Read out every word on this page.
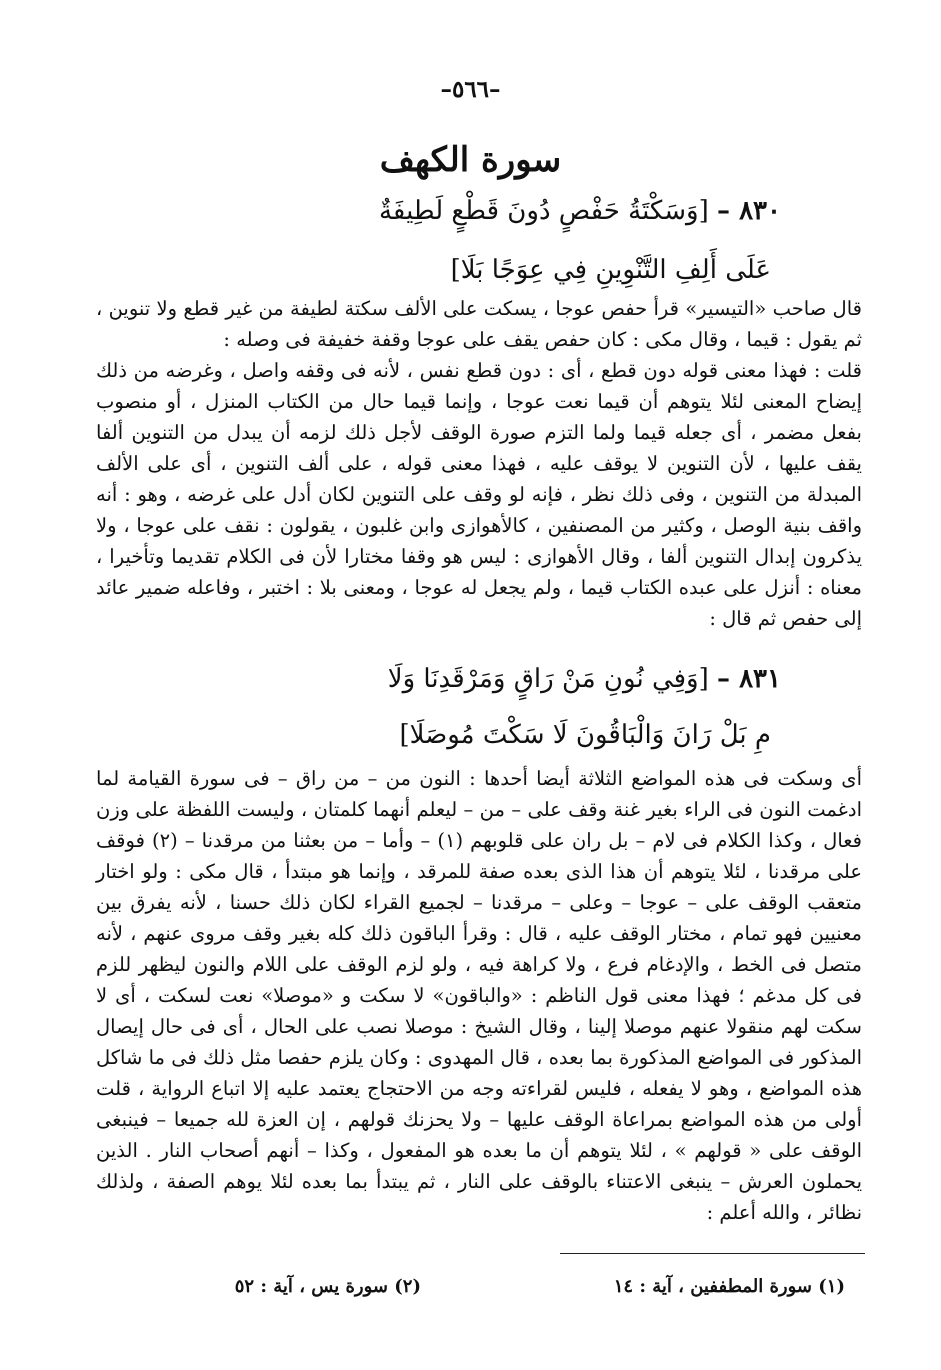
–٥٦٦–
سورة الكهف
٨٣٠ – [وَسَكْتَةُ حَفْصٍ دُونَ قَطْعٍ لَطِيفَةٌ
عَلَى أَلِفِ التَّنْوِينِ فِي عِوَجًا بَلَا]

قال صاحب «التيسير» قرأ حفص عوجا ، يسكت على الألف سكتة لطيفة من غير قطع ولا تنوين ، ثم يقول : قيما ، وقال مكى : كان حفص يقف على عوجا وقفة خفيفة فى وصله :

قلت : فهذا معنى قوله دون قطع ، أى : دون قطع نفس ، لأنه فى وقفه واصل ، وغرضه من ذلك إيضاح المعنى لئلا يتوهم أن قيما نعت عوجا ، وإنما قيما حال من الكتاب المنزل ، أو منصوب بفعل مضمر ، أى جعله قيما ولما التزم صورة الوقف لأجل ذلك لزمه أن يبدل من التنوين ألفا يقف عليها ، لأن التنوين لا يوقف عليه ، فهذا معنى قوله ، على ألف التنوين ، أى على الألف المبدلة من التنوين ، وفى ذلك نظر ، فإنه لو وقف على التنوين لكان أدل على غرضه ، وهو : أنه واقف بنية الوصل ، وكثير من المصنفين ، كالأهوازى وابن غلبون ، يقولون : نقف على عوجا ، ولا يذكرون إبدال التنوين ألفا ، وقال الأهوازى : ليس هو وقفا مختارا لأن فى الكلام تقديما وتأخيرا ، معناه : أنزل على عبده الكتاب قيما ، ولم يجعل له عوجا ، ومعنى بلا : اختبر ، وفاعله ضمير عائد إلى حفص ثم قال :

٨٣١ – [وَفِي نُونِ مَنْ رَاقٍ وَمَرْقَدِنَا وَلَا
مِ بَلْ رَانَ وَالْبَاقُونَ لَا سَكْتَ مُوصَلَا]

أى وسكت فى هذه المواضع الثلاثة أيضا أحدها : النون من – من راق – فى سورة القيامة لما ادغمت النون فى الراء بغير غنة وقف على – من – ليعلم أنهما كلمتان ، وليست اللفظة على وزن فعال ، وكذا الكلام فى لام – بل ران على قلوبهم (١) – وأما – من بعثنا من مرقدنا – (٢) فوقف على مرقدنا ، لئلا يتوهم أن هذا الذى بعده صفة للمرقد ، وإنما هو مبتدأ ، قال مكى : ولو اختار متعقب الوقف على – عوجا – وعلى – مرقدنا – لجميع القراء لكان ذلك حسنا ، لأنه يفرق بين معنيين فهو تمام ، مختار الوقف عليه ، قال : وقرأ الباقون ذلك كله بغير وقف مروى عنهم ، لأنه متصل فى الخط ، والإدغام فرع ، ولا كراهة فيه ، ولو لزم الوقف على اللام والنون ليظهر للزم فى كل مدغم ؛ فهذا معنى قول الناظم : «والباقون» لا سكت و «موصلا» نعت لسكت ، أى لا سكت لهم منقولا عنهم موصلا إلينا ، وقال الشيخ : موصلا نصب على الحال ، أى فى حال إيصال المذكور فى المواضع المذكورة بما بعده ، قال المهدوى : وكان يلزم حفصا مثل ذلك فى ما شاكل هذه المواضع ، وهو لا يفعله ، فليس لقراءته وجه من الاحتجاج يعتمد عليه إلا اتباع الرواية ، قلت أولى من هذه المواضع بمراعاة الوقف عليها – ولا يحزنك قولهم ، إن العزة لله جميعا – فينبغى الوقف على « قولهم » ، لئلا يتوهم أن ما بعده هو المفعول ، وكذا – أنهم أصحاب النار . الذين يحملون العرش – ينبغى الاعتناء بالوقف على النار ، ثم يبتدأ بما بعده لئلا يوهم الصفة ، ولذلك نظائر ، والله أعلم :

(١) سورة المطففين ، آية : ١٤
(٢) سورة يس ، آية : ٥٢
